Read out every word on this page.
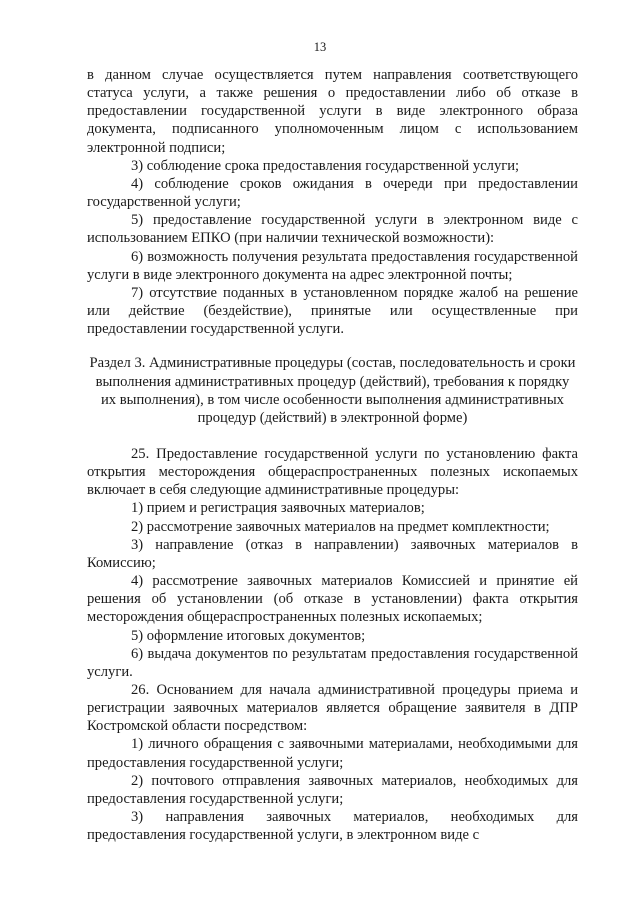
13

в данном случае осуществляется путем направления соответствующего статуса услуги, а также решения о предоставлении либо об отказе в предоставлении государственной услуги в виде электронного образа документа, подписанного уполномоченным лицом с использованием электронной подписи;

3) соблюдение срока предоставления государственной услуги;

4) соблюдение сроков ожидания в очереди при предоставлении государственной услуги;

5) предоставление государственной услуги в электронном виде с использованием ЕПКО (при наличии технической возможности):

6) возможность получения результата предоставления государственной услуги в виде электронного документа на адрес электронной почты;

7) отсутствие поданных в установленном порядке жалоб на решение или действие (бездействие), принятые или осуществленные при предоставлении государственной услуги.

Раздел 3. Административные процедуры (состав, последовательность и сроки выполнения административных процедур (действий), требования к порядку их выполнения), в том числе особенности выполнения административных процедур (действий) в электронной форме)

25. Предоставление государственной услуги по установлению факта открытия месторождения общераспространенных полезных ископаемых включает в себя следующие административные процедуры:

1) прием и регистрация заявочных материалов;

2) рассмотрение заявочных материалов на предмет комплектности;

3) направление (отказ в направлении) заявочных материалов в Комиссию;

4) рассмотрение заявочных материалов Комиссией и принятие ей решения об установлении (об отказе в установлении) факта открытия месторождения общераспространенных полезных ископаемых;

5) оформление итоговых документов;

6) выдача документов по результатам предоставления государственной услуги.

26. Основанием для начала административной процедуры приема и регистрации заявочных материалов является обращение заявителя в ДПР Костромской области посредством:

1) личного обращения с заявочными материалами, необходимыми для предоставления государственной услуги;

2) почтового отправления заявочных материалов, необходимых для предоставления государственной услуги;

3) направления заявочных материалов, необходимых для предоставления государственной услуги, в электронном виде с
